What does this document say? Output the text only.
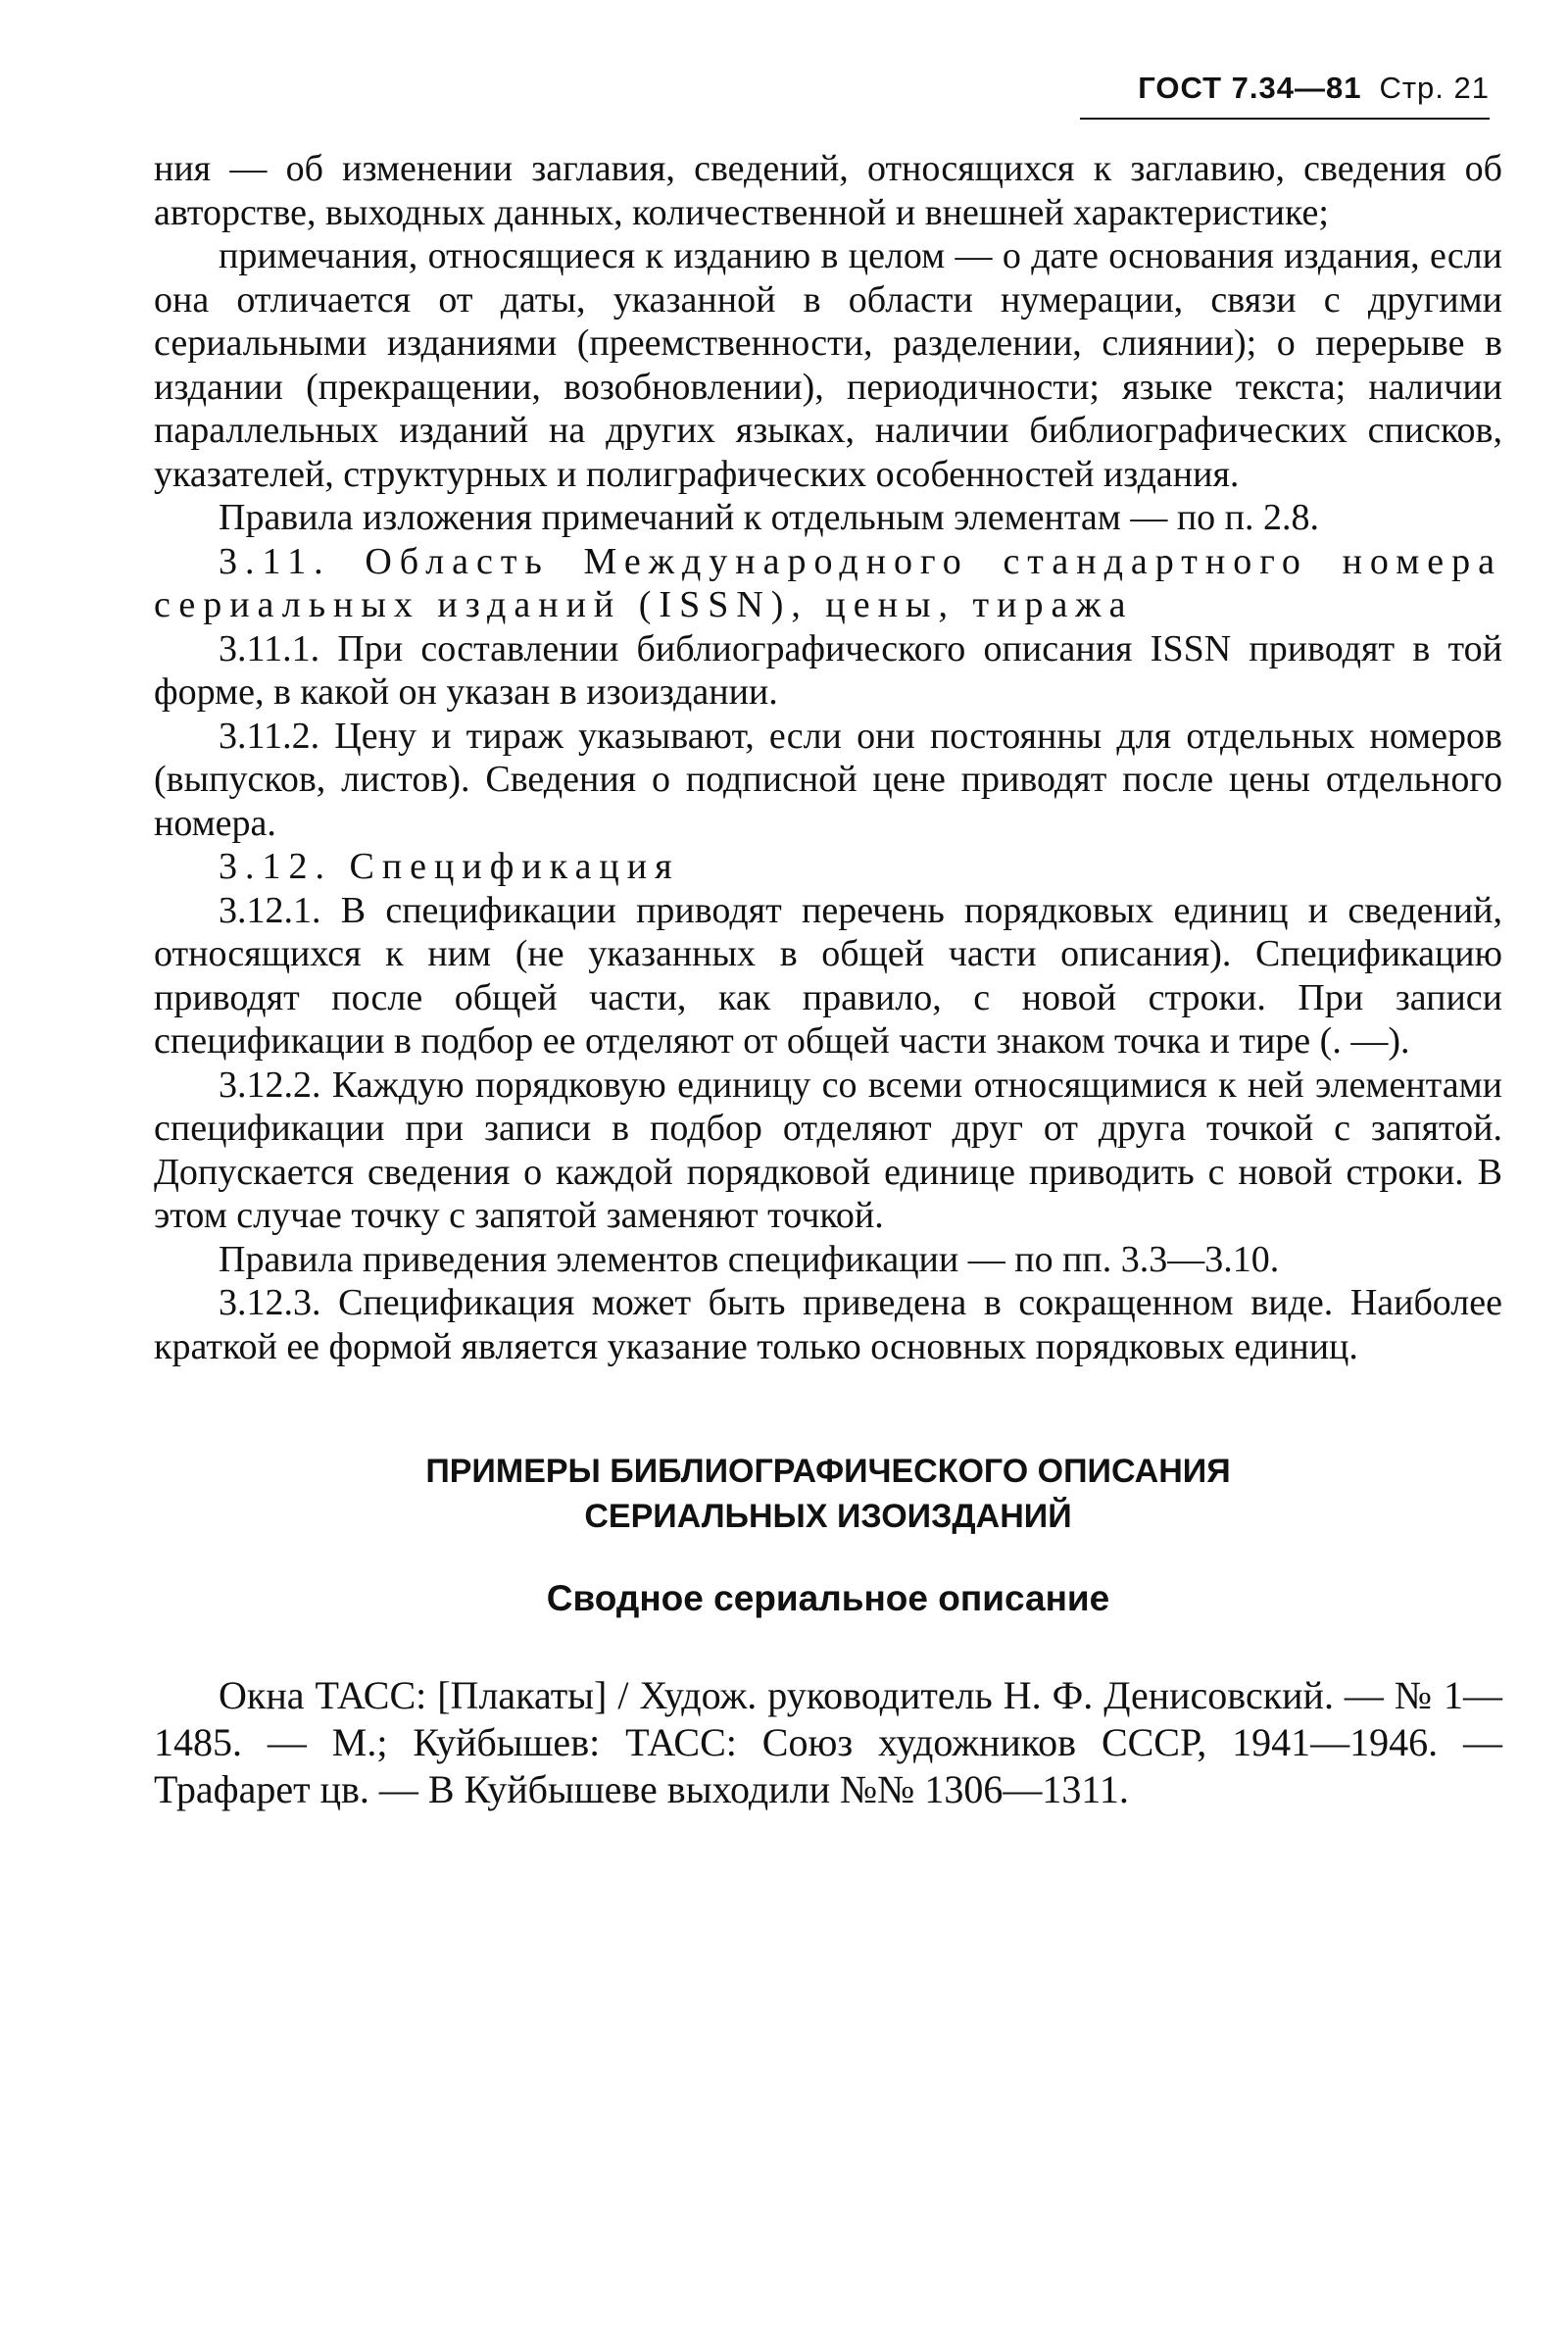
ГОСТ 7.34—81 Стр. 21

ния — об изменении заглавия, сведений, относящихся к заглавию, сведения об авторстве, выходных данных, количественной и внешней характеристике;

примечания, относящиеся к изданию в целом — о дате основания издания, если она отличается от даты, указанной в области нумерации, связи с другими сериальными изданиями (преемственности, разделении, слиянии); о перерыве в издании (прекращении, возобновлении), периодичности; языке текста; наличии параллельных изданий на других языках, наличии библиографических списков, указателей, структурных и полиграфических особенностей издания.

Правила изложения примечаний к отдельным элементам — по п. 2.8.

3.11. Область Международного стандартного номера сериальных изданий (ISSN), цены, тиража

3.11.1. При составлении библиографического описания ISSN приводят в той форме, в какой он указан в изоиздании.

3.11.2. Цену и тираж указывают, если они постоянны для отдельных номеров (выпусков, листов). Сведения о подписной цене приводят после цены отдельного номера.

3.12. Спецификация

3.12.1. В спецификации приводят перечень порядковых единиц и сведений, относящихся к ним (не указанных в общей части описания). Спецификацию приводят после общей части, как правило, с новой строки. При записи спецификации в подбор ее отделяют от общей части знаком точка и тире (. —).

3.12.2. Каждую порядковую единицу со всеми относящимися к ней элементами спецификации при записи в подбор отделяют друг от друга точкой с запятой. Допускается сведения о каждой порядковой единице приводить с новой строки. В этом случае точку с запятой заменяют точкой.

Правила приведения элементов спецификации — по пп. 3.3—3.10.

3.12.3. Спецификация может быть приведена в сокращенном виде. Наиболее краткой ее формой является указание только основных порядковых единиц.

ПРИМЕРЫ БИБЛИОГРАФИЧЕСКОГО ОПИСАНИЯ
СЕРИАЛЬНЫХ ИЗОИЗДАНИЙ

Сводное сериальное описание

Окна ТАСС: [Плакаты] / Худож. руководитель Н. Ф. Денисовский. — № 1—1485. — М.; Куйбышев: ТАСС: Союз художников СССР, 1941—1946. — Трафарет цв. — В Куйбышеве выходили №№ 1306—1311.
